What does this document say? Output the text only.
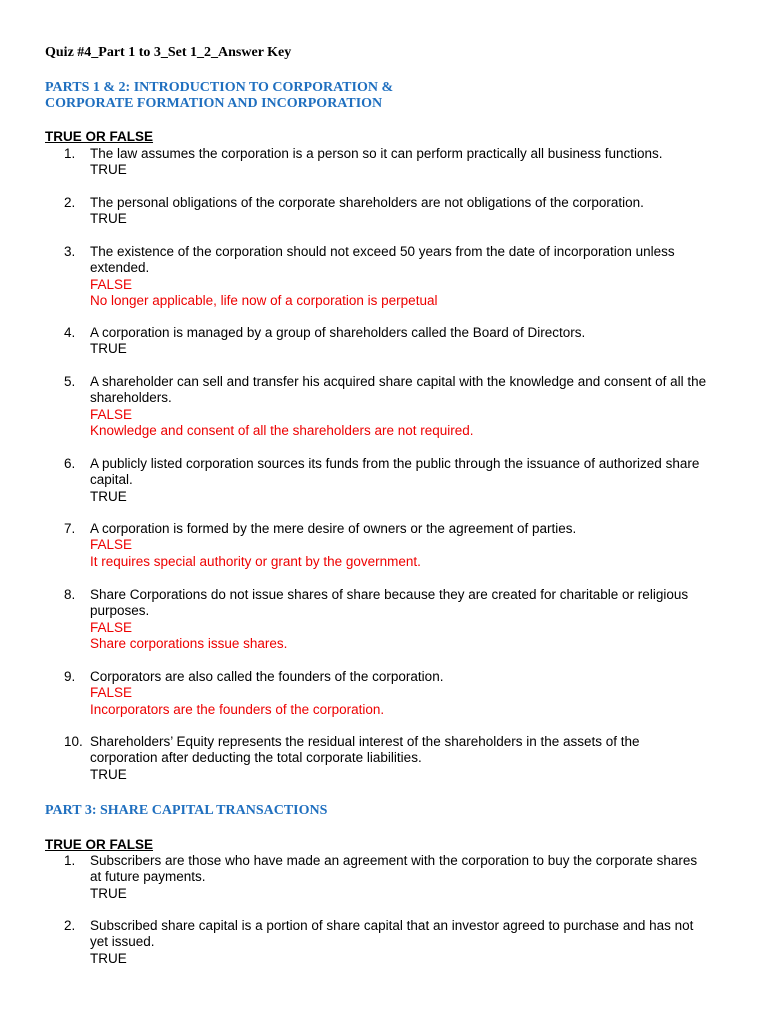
Quiz #4_Part 1 to 3_Set 1_2_Answer Key
PARTS 1 & 2: INTRODUCTION TO CORPORATION &
CORPORATE FORMATION AND INCORPORATION
TRUE OR FALSE
1. The law assumes the corporation is a person so it can perform practically all business functions.
TRUE
2. The personal obligations of the corporate shareholders are not obligations of the corporation.
TRUE
3. The existence of the corporation should not exceed 50 years from the date of incorporation unless
extended.
FALSE
No longer applicable, life now of a corporation is perpetual
4. A corporation is managed by a group of shareholders called the Board of Directors.
TRUE
5. A shareholder can sell and transfer his acquired share capital with the knowledge and consent of all the
shareholders.
FALSE
Knowledge and consent of all the shareholders are not required.
6. A publicly listed corporation sources its funds from the public through the issuance of authorized share
capital.
TRUE
7. A corporation is formed by the mere desire of owners or the agreement of parties.
FALSE
It requires special authority or grant by the government.
8. Share Corporations do not issue shares of share because they are created for charitable or religious
purposes.
FALSE
Share corporations issue shares.
9. Corporators are also called the founders of the corporation.
FALSE
Incorporators are the founders of the corporation.
10. Shareholders’ Equity represents the residual interest of the shareholders in the assets of the
corporation after deducting the total corporate liabilities.
TRUE
PART 3: SHARE CAPITAL TRANSACTIONS
TRUE OR FALSE
1. Subscribers are those who have made an agreement with the corporation to buy the corporate shares
at future payments.
TRUE
2. Subscribed share capital is a portion of share capital that an investor agreed to purchase and has not
yet issued.
TRUE
